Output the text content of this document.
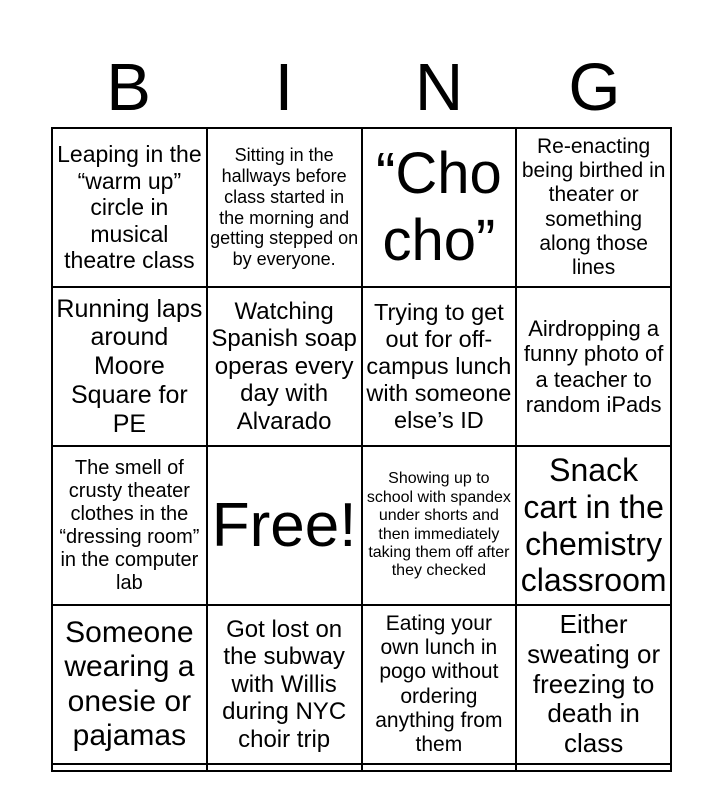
B I N G
Leaping in the “warm up” circle in musical theatre class	Sitting in the hallways before class started in the morning and getting stepped on by everyone.	“Cho cho”	Re-enacting being birthed in theater or something along those lines
Running laps around Moore Square for PE	Watching Spanish soap operas every day with Alvarado	Trying to get out for off-campus lunch with someone else’s ID	Airdropping a funny photo of a teacher to random iPads
The smell of crusty theater clothes in the “dressing room” in the computer lab	Free!	Showing up to school with spandex under shorts and then immediately taking them off after they checked	Snack cart in the chemistry classroom
Someone wearing a onesie or pajamas	Got lost on the subway with Willis during NYC choir trip	Eating your own lunch in pogo without ordering anything from them	Either sweating or freezing to death in class
